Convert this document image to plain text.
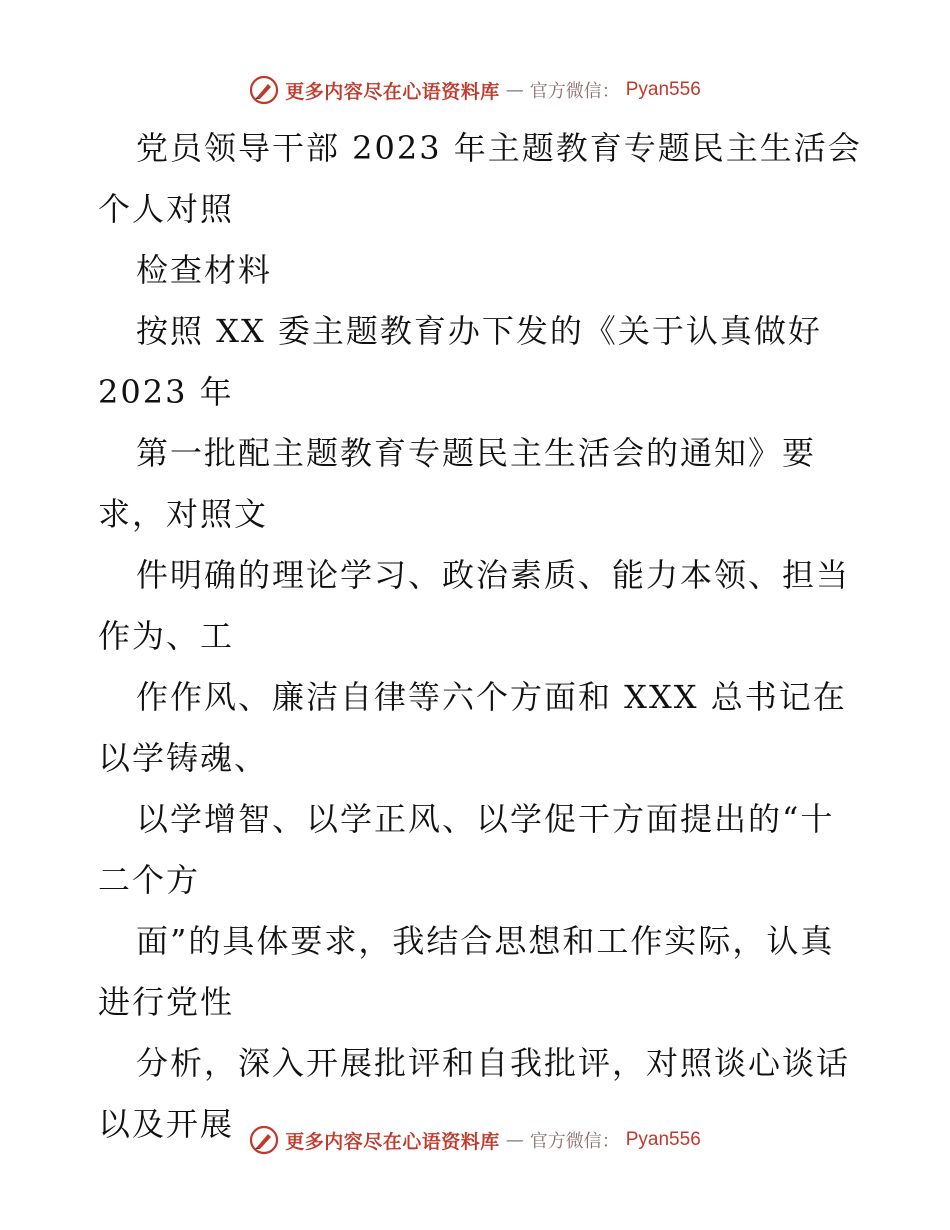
更多内容尽在心语资料库 — 官方微信： Pyan556
党员领导干部 2023 年主题教育专题民主生活会
个人对照
检查材料
按照 XX 委主题教育办下发的《关于认真做好
2023 年
第一批配主题教育专题民主生活会的通知》要
求，对照文
件明确的理论学习、政治素质、能力本领、担当
作为、工
作作风、廉洁自律等六个方面和 XXX 总书记在
以学铸魂、
以学增智、以学正风、以学促干方面提出的“十
二个方
面”的具体要求，我结合思想和工作实际，认真
进行党性
分析，深入开展批评和自我批评，对照谈心谈话
以及开展	更多内容尽在心语资料库 — 官方微信： Pyan556
